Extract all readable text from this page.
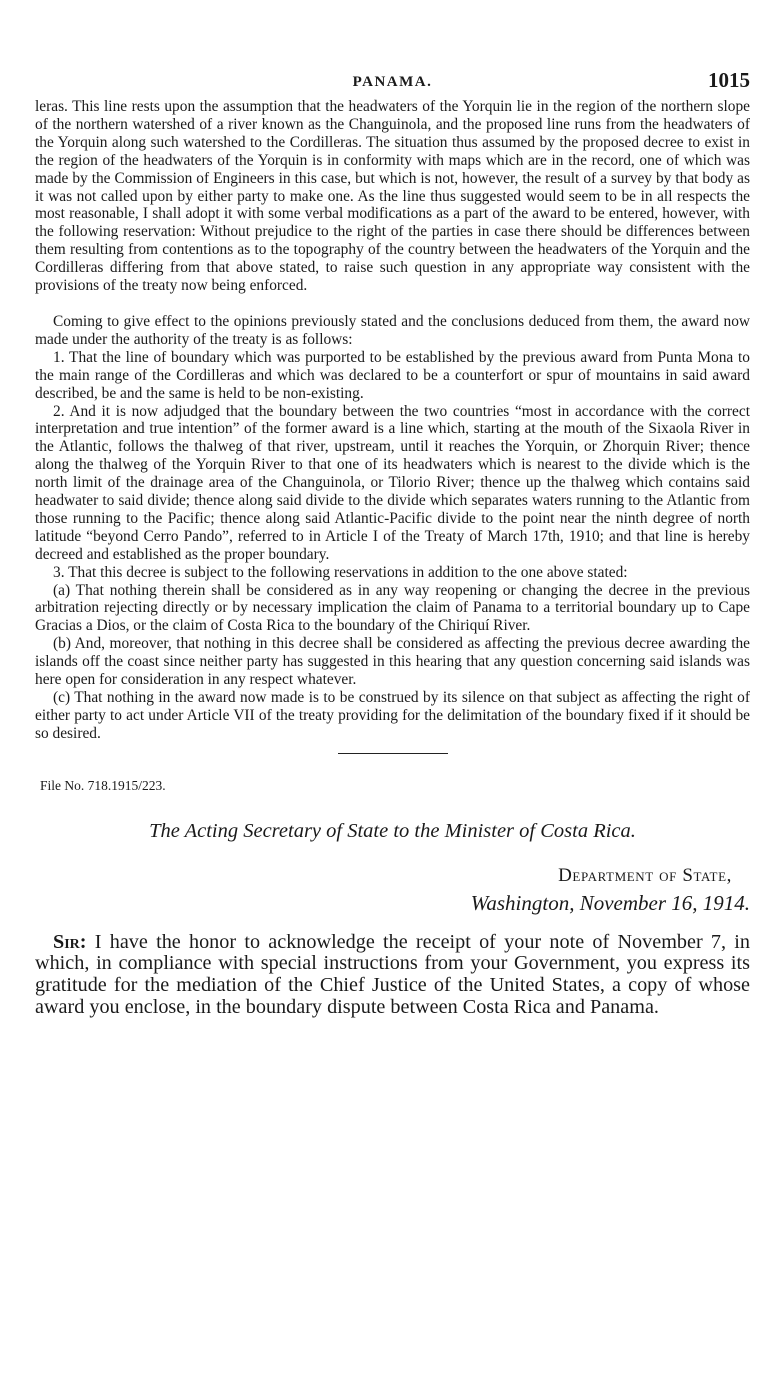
PANAMA.	1015

leras. This line rests upon the assumption that the headwaters of the Yorquin lie in the region of the northern slope of the northern watershed of a river known as the Changuinola, and the proposed line runs from the headwaters of the Yorquin along such watershed to the Cordilleras. The situation thus assumed by the proposed decree to exist in the region of the headwaters of the Yorquin is in conformity with maps which are in the record, one of which was made by the Commission of Engineers in this case, but which is not, however, the result of a survey by that body as it was not called upon by either party to make one. As the line thus suggested would seem to be in all respects the most reasonable, I shall adopt it with some verbal modifications as a part of the award to be entered, however, with the following reservation: Without prejudice to the right of the parties in case there should be differences between them resulting from contentions as to the topography of the country between the headwaters of the Yorquin and the Cordilleras differing from that above stated, to raise such question in any appropriate way consistent with the provisions of the treaty now being enforced.

Coming to give effect to the opinions previously stated and the conclusions deduced from them, the award now made under the authority of the treaty is as follows:

1. That the line of boundary which was purported to be established by the previous award from Punta Mona to the main range of the Cordilleras and which was declared to be a counterfort or spur of mountains in said award described, be and the same is held to be non-existing.

2. And it is now adjudged that the boundary between the two countries “most in accordance with the correct interpretation and true intention” of the former award is a line which, starting at the mouth of the Sixaola River in the Atlantic, follows the thalweg of that river, upstream, until it reaches the Yorquin, or Zhorquin River; thence along the thalweg of the Yorquin River to that one of its headwaters which is nearest to the divide which is the north limit of the drainage area of the Changuinola, or Tilorio River; thence up the thalweg which contains said headwater to said divide; thence along said divide to the divide which separates waters running to the Atlantic from those running to the Pacific; thence along said Atlantic-Pacific divide to the point near the ninth degree of north latitude “beyond Cerro Pando”, referred to in Article I of the Treaty of March 17th, 1910; and that line is hereby decreed and established as the proper boundary.

3. That this decree is subject to the following reservations in addition to the one above stated:

(a) That nothing therein shall be considered as in any way reopening or changing the decree in the previous arbitration rejecting directly or by necessary implication the claim of Panama to a territorial boundary up to Cape Gracias a Dios, or the claim of Costa Rica to the boundary of the Chiriquí River.

(b) And, moreover, that nothing in this decree shall be considered as affecting the previous decree awarding the islands off the coast since neither party has suggested in this hearing that any question concerning said islands was here open for consideration in any respect whatever.

(c) That nothing in the award now made is to be construed by its silence on that subject as affecting the right of either party to act under Article VII of the treaty providing for the delimitation of the boundary fixed if it should be so desired.

File No. 718.1915/223.
The Acting Secretary of State to the Minister of Costa Rica.
Department of State,
Washington, November 16, 1914.

Sir: I have the honor to acknowledge the receipt of your note of November 7, in which, in compliance with special instructions from your Government, you express its gratitude for the mediation of the Chief Justice of the United States, a copy of whose award you enclose, in the boundary dispute between Costa Rica and Panama.
